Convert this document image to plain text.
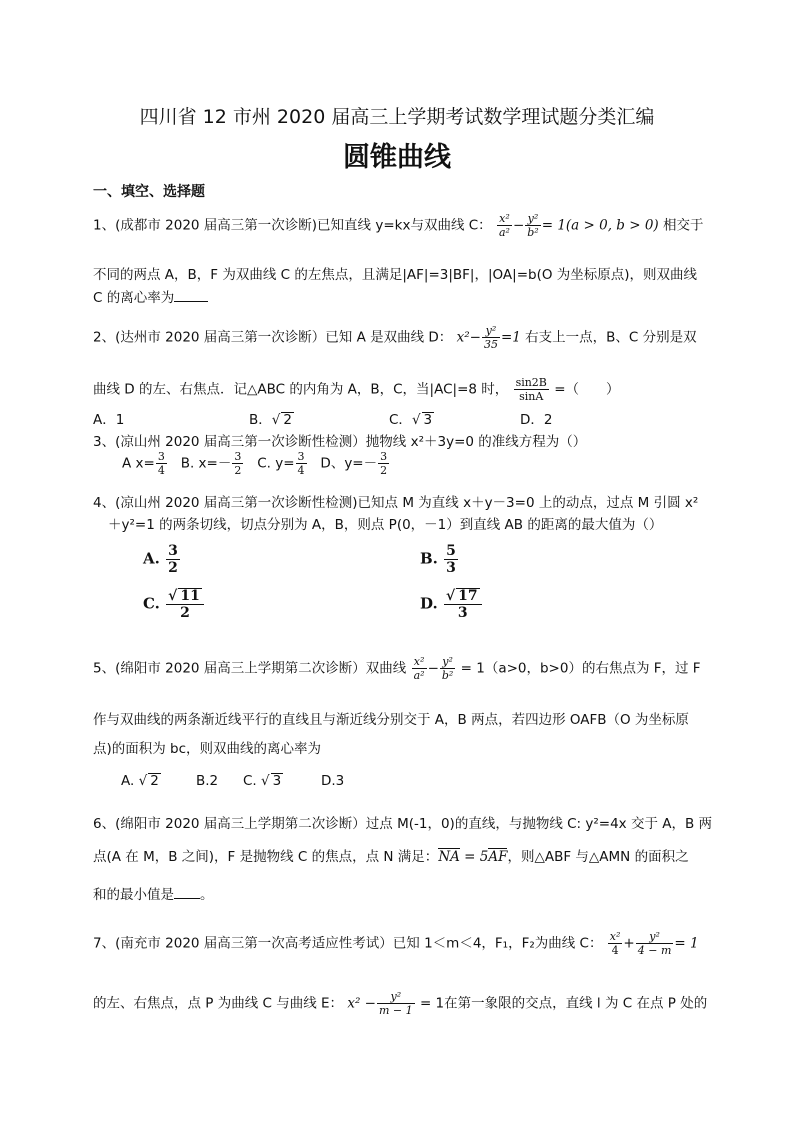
四川省 12 市州 2020 届高三上学期考试数学理试题分类汇编
圆锥曲线
一、填空、选择题
1、(成都市 2020 届高三第一次诊断)已知直线 y=kx与双曲线 C： $\frac{\text{x²}}{\text{a²}} - \frac{\text{y²}}{\text{b²}} = 1(a > 0$, b > 0) 相交于
不同的两点 A，B，F 为双曲线 C 的左焦点，且满足|AF|=3|BF|，|OA|=b(O 为坐标原点)，则双曲线
C 的离心率为
2、(达州市 2020 届高三第一次诊断）已知 A 是双曲线 D： $x^2- \frac{\text{y²}}{35} =1$ 右支上一点，B、C 分别是双
曲线 D 的左、右焦点．记△ABC 的内角为 A，B，C，当|AC|=8 时， $\frac{\sin 2B}{\sin A}$ =（　　）
A．1	B．√ 2	C．√ 3	D．2
3、(凉山州 2020 届高三第一次诊断性检测）抛物线 x²＋3y=0 的准线方程为（）
A $x= \frac{3}{4} B$. $x=- \frac{3}{2} C$. $y= \frac{3}{4}$ D、$y=- \frac{3}{2}$
4、(凉山州 2020 届高三第一次诊断性检测)已知点 M 为直线 x＋y－3=0 上的动点，过点 M 引圆 x²
＋y²=1 的两条切线，切点分别为 A，B，则点 P(0，－1）到直线 AB 的距离的最大值为（）
A. $\frac{3}{2}$	B. $\frac{5}{3}$
C. $\frac{√ 11}{2}$	D. $\frac{√ 17}{3}$
5、(绵阳市 2020 届高三上学期第二次诊断）双曲线 $\frac{\text{x²}}{\text{a²}} - \frac{\text{y²}}{\text{b²}} = 1(a>0$，b>0）的右焦点为 F，过 F
作与双曲线的两条渐近线平行的直线且与渐近线分别交于 A，B 两点，若四边形 OAFB（O 为坐标原
点)的面积为 bc，则双曲线的离心率为
A. √ 2	B.2 C. √ 3	D.3
6、(绵阳市 2020 届高三上学期第二次诊断）过点 M(-1，0)的直线，与抛物线 C: y²=4x 交于 A，B 两
点(A 在 M，B 之间)，F 是抛物线 C 的焦点，点 N 满足：NA = 5AF，则△ABF 与△AMN 的面积之
和的最小值是 。
7、(南充市 2020 届高三第一次高考适应性考试）已知 1＜m＜4，F₁，F₂为曲线 C： $\frac{\text{x²}}{4} + \frac{\text{y²}}{4 - m} = 1$
的左、右焦点，点 P 为曲线 C 与曲线 E： $x^2 - \frac{\text{y²}}{m - 1} = 1$在第一象限的交点，直线 l 为 C 在点 P 处的
